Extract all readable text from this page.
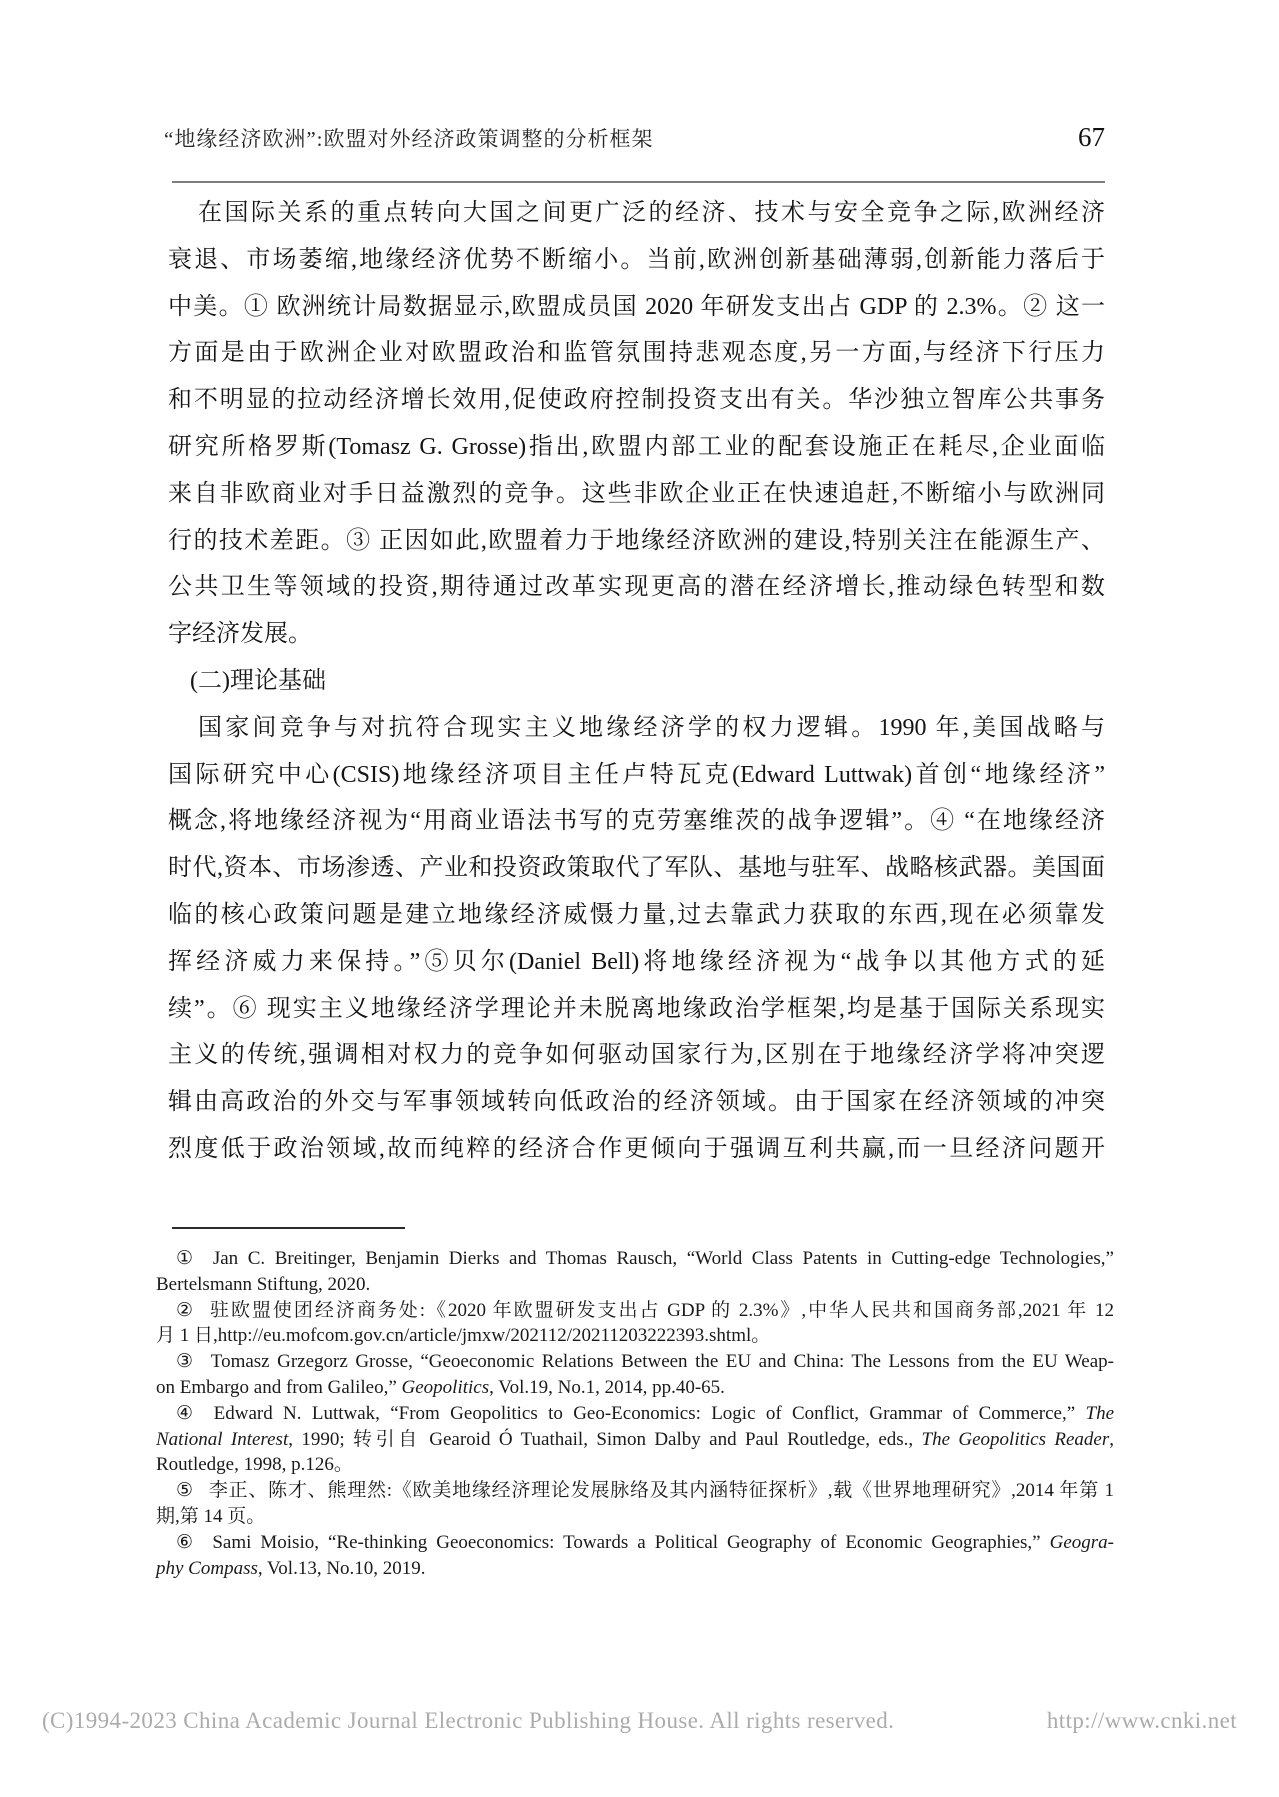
“地缘经济欧洲”:欧盟对外经济政策调整的分析框架	67
在国际关系的重点转向大国之间更广泛的经济、技术与安全竞争之际,欧洲经济
衰退、市场萎缩,地缘经济优势不断缩小。当前,欧洲创新基础薄弱,创新能力落后于
中美。① 欧洲统计局数据显示,欧盟成员国 2020 年研发支出占 GDP 的 2.3%。② 这一
方面是由于欧洲企业对欧盟政治和监管氛围持悲观态度,另一方面,与经济下行压力
和不明显的拉动经济增长效用,促使政府控制投资支出有关。华沙独立智库公共事务
研究所格罗斯(Tomasz G. Grosse)指出,欧盟内部工业的配套设施正在耗尽,企业面临
来自非欧商业对手日益激烈的竞争。这些非欧企业正在快速追赶,不断缩小与欧洲同
行的技术差距。③ 正因如此,欧盟着力于地缘经济欧洲的建设,特别关注在能源生产、
公共卫生等领域的投资,期待通过改革实现更高的潜在经济增长,推动绿色转型和数
字经济发展。
(二)理论基础
国家间竞争与对抗符合现实主义地缘经济学的权力逻辑。1990 年,美国战略与
国际研究中心(CSIS)地缘经济项目主任卢特瓦克(Edward Luttwak)首创“地缘经济”
概念,将地缘经济视为“用商业语法书写的克劳塞维茨的战争逻辑”。④ “在地缘经济
时代,资本、市场渗透、产业和投资政策取代了军队、基地与驻军、战略核武器。美国面
临的核心政策问题是建立地缘经济威慑力量,过去靠武力获取的东西,现在必须靠发
挥经济威力来保持。”⑤贝尔(Daniel Bell)将地缘经济视为“战争以其他方式的延
续”。⑥ 现实主义地缘经济学理论并未脱离地缘政治学框架,均是基于国际关系现实
主义的传统,强调相对权力的竞争如何驱动国家行为,区别在于地缘经济学将冲突逻
辑由高政治的外交与军事领域转向低政治的经济领域。由于国家在经济领域的冲突
烈度低于政治领域,故而纯粹的经济合作更倾向于强调互利共赢,而一旦经济问题开
① Jan C. Breitinger, Benjamin Dierks and Thomas Rausch, “World Class Patents in Cutting-edge Technologies,”
Bertelsmann Stiftung, 2020.
② 驻欧盟使团经济商务处:《2020 年欧盟研发支出占 GDP 的 2.3%》,中华人民共和国商务部,2021 年 12
月 1 日,http://eu.mofcom.gov.cn/article/jmxw/202112/20211203222393.shtml。
③ Tomasz Grzegorz Grosse, “Geoeconomic Relations Between the EU and China: The Lessons from the EU Weap-
on Embargo and from Galileo,” Geopolitics, Vol.19, No.1, 2014, pp.40-65.
④ Edward N. Luttwak, “From Geopolitics to Geo-Economics: Logic of Conflict, Grammar of Commerce,” The
National Interest, 1990; 转引自 Gearoid Ó Tuathail, Simon Dalby and Paul Routledge, eds., The Geopolitics Reader,
Routledge, 1998, p.126。
⑤ 李正、陈才、熊理然:《欧美地缘经济理论发展脉络及其内涵特征探析》,载《世界地理研究》,2014 年第 1
期,第 14 页。
⑥ Sami Moisio, “Re-thinking Geoeconomics: Towards a Political Geography of Economic Geographies,” Geogra-
phy Compass, Vol.13, No.10, 2019.
(C)1994-2023 China Academic Journal Electronic Publishing House. All rights reserved.	http://www.cnki.net
